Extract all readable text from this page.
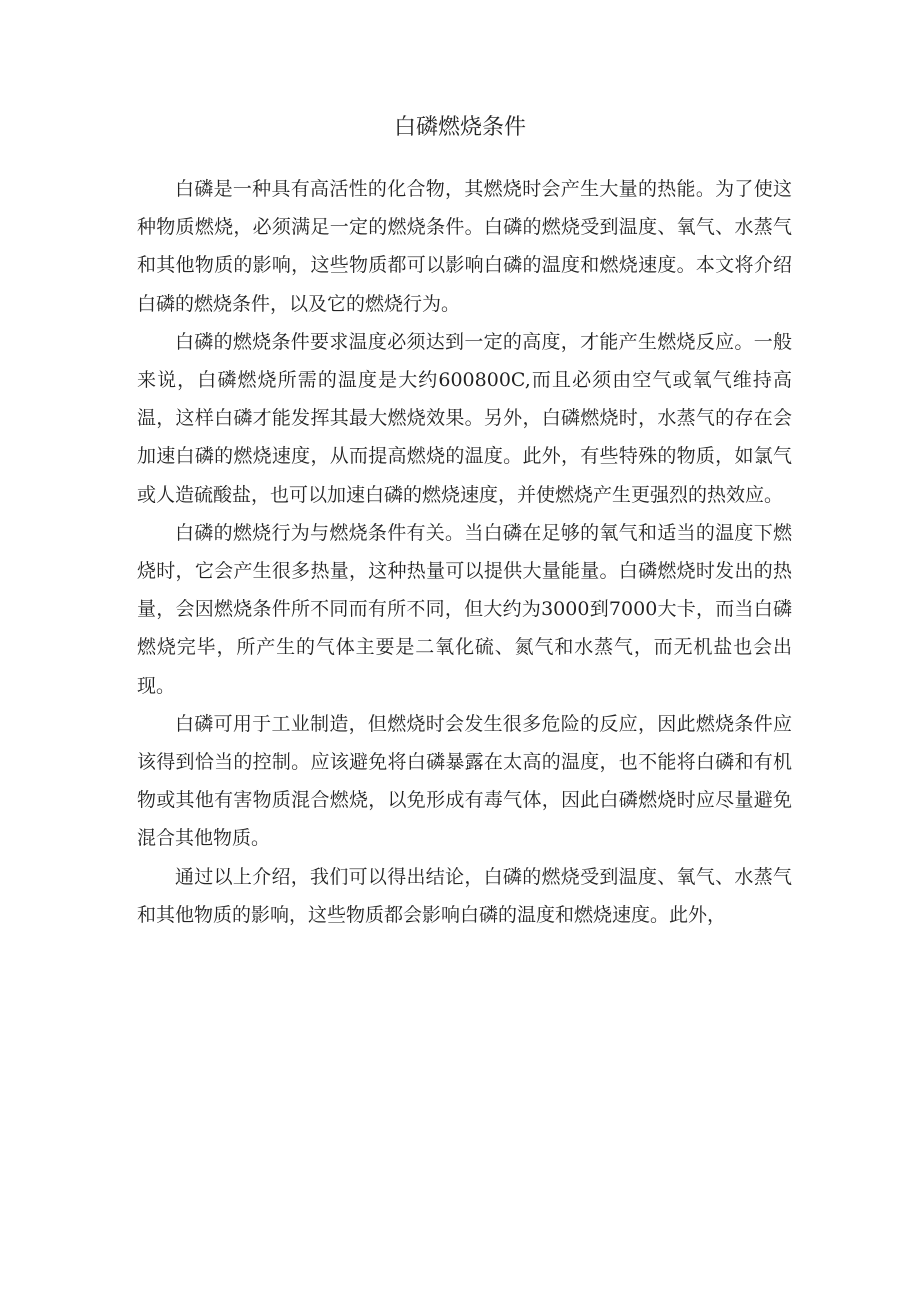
白磷燃烧条件

白磷是一种具有高活性的化合物，其燃烧时会产生大量的热能。为了使这种物质燃烧，必须满足一定的燃烧条件。白磷的燃烧受到温度、氧气、水蒸气和其他物质的影响，这些物质都可以影响白磷的温度和燃烧速度。本文将介绍白磷的燃烧条件，以及它的燃烧行为。

白磷的燃烧条件要求温度必须达到一定的高度，才能产生燃烧反应。一般来说，白磷燃烧所需的温度是大约600800C,而且必须由空气或氧气维持高温，这样白磷才能发挥其最大燃烧效果。另外，白磷燃烧时，水蒸气的存在会加速白磷的燃烧速度，从而提高燃烧的温度。此外，有些特殊的物质，如氯气或人造硫酸盐，也可以加速白磷的燃烧速度，并使燃烧产生更强烈的热效应。

白磷的燃烧行为与燃烧条件有关。当白磷在足够的氧气和适当的温度下燃烧时，它会产生很多热量，这种热量可以提供大量能量。白磷燃烧时发出的热量，会因燃烧条件所不同而有所不同，但大约为3000到7000大卡，而当白磷燃烧完毕，所产生的气体主要是二氧化硫、氮气和水蒸气，而无机盐也会出现。

白磷可用于工业制造，但燃烧时会发生很多危险的反应，因此燃烧条件应该得到恰当的控制。应该避免将白磷暴露在太高的温度，也不能将白磷和有机物或其他有害物质混合燃烧，以免形成有毒气体，因此白磷燃烧时应尽量避免混合其他物质。

通过以上介绍，我们可以得出结论，白磷的燃烧受到温度、氧气、水蒸气和其他物质的影响，这些物质都会影响白磷的温度和燃烧速度。此外，
